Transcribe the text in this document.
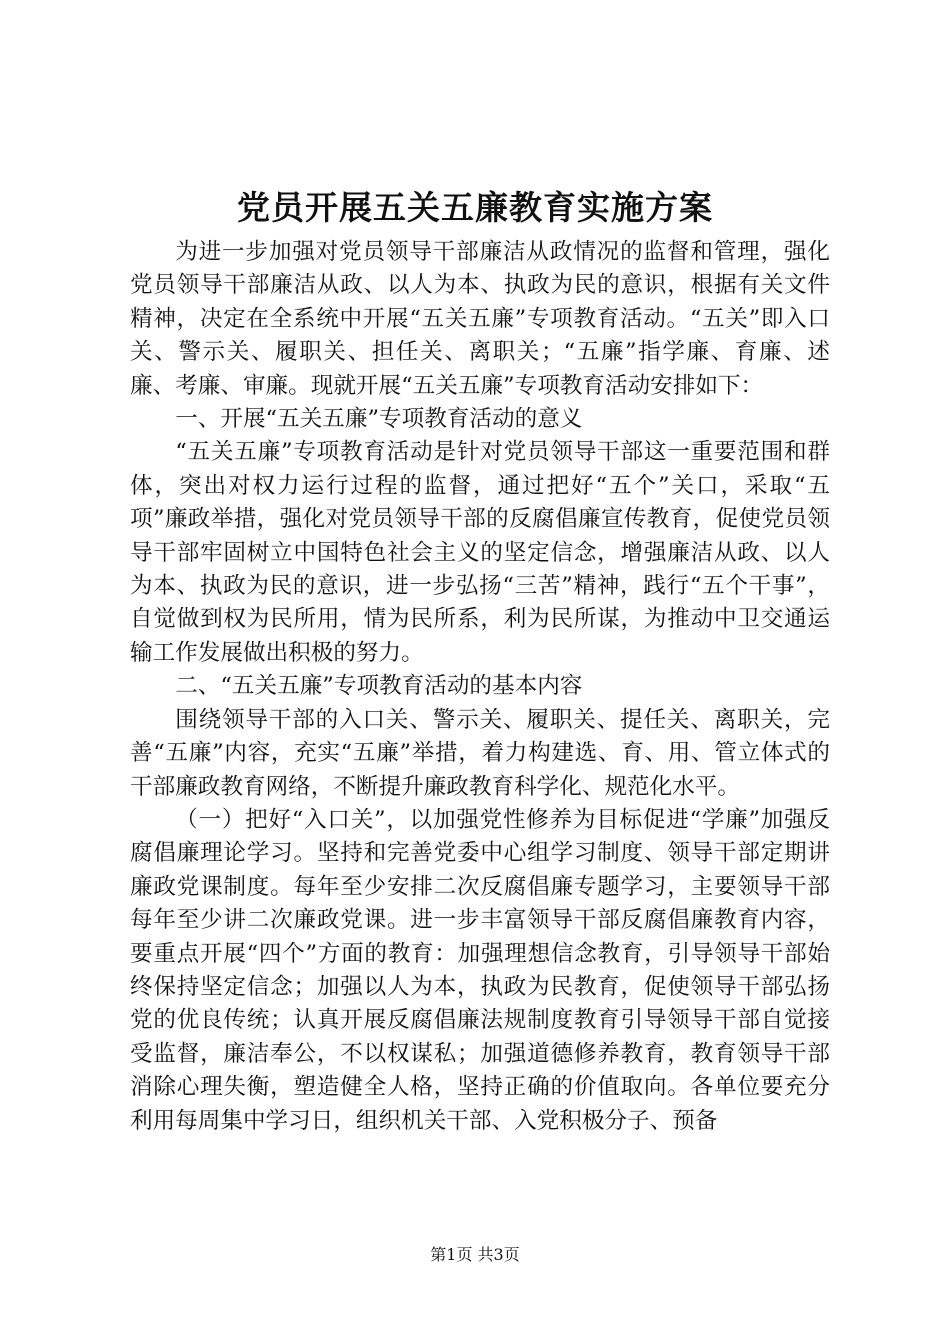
党员开展五关五廉教育实施方案

为进一步加强对党员领导干部廉洁从政情况的监督和管理，强化党员领导干部廉洁从政、以人为本、执政为民的意识，根据有关文件精神，决定在全系统中开展“五关五廉”专项教育活动。“五关”即入口关、警示关、履职关、担任关、离职关；“五廉”指学廉、育廉、述廉、考廉、审廉。现就开展“五关五廉”专项教育活动安排如下：

一、开展“五关五廉”专项教育活动的意义

“五关五廉”专项教育活动是针对党员领导干部这一重要范围和群体，突出对权力运行过程的监督，通过把好“五个”关口，采取“五项”廉政举措，强化对党员领导干部的反腐倡廉宣传教育，促使党员领导干部牢固树立中国特色社会主义的坚定信念，增强廉洁从政、以人为本、执政为民的意识，进一步弘扬“三苦”精神，践行“五个干事”，自觉做到权为民所用，情为民所系，利为民所谋，为推动中卫交通运输工作发展做出积极的努力。

二、“五关五廉”专项教育活动的基本内容

围绕领导干部的入口关、警示关、履职关、提任关、离职关，完善“五廉”内容，充实“五廉”举措，着力构建选、育、用、管立体式的干部廉政教育网络，不断提升廉政教育科学化、规范化水平。

（一）把好“入口关”，以加强党性修养为目标促进“学廉”加强反腐倡廉理论学习。坚持和完善党委中心组学习制度、领导干部定期讲廉政党课制度。每年至少安排二次反腐倡廉专题学习，主要领导干部每年至少讲二次廉政党课。进一步丰富领导干部反腐倡廉教育内容，要重点开展“四个”方面的教育：加强理想信念教育，引导领导干部始终保持坚定信念；加强以人为本，执政为民教育，促使领导干部弘扬党的优良传统；认真开展反腐倡廉法规制度教育引导领导干部自觉接受监督，廉洁奉公，不以权谋私；加强道德修养教育，教育领导干部消除心理失衡，塑造健全人格，坚持正确的价值取向。各单位要充分利用每周集中学习日，组织机关干部、入党积极分子、预备

第1页 共3页
